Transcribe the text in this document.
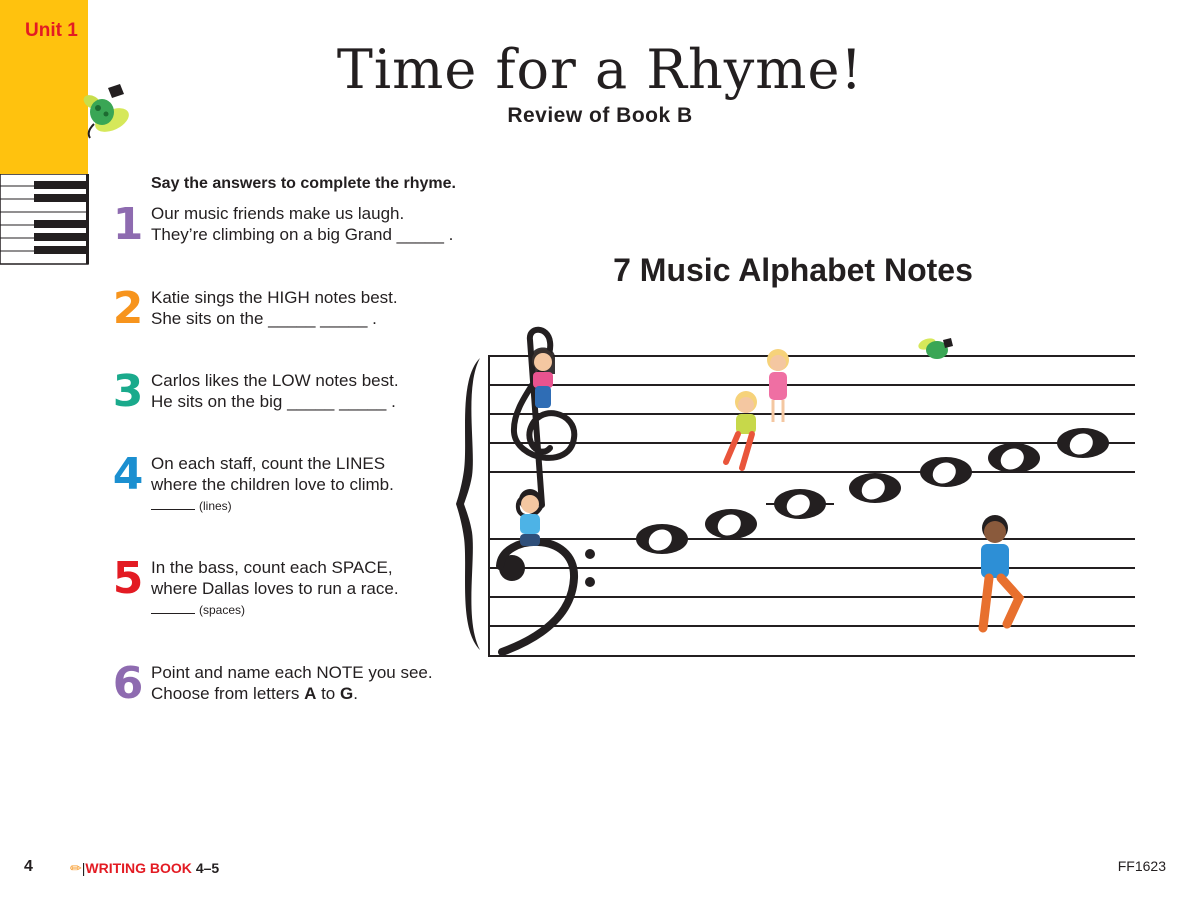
Unit 1
Time for a Rhyme!
Review of Book B
Say the answers to complete the rhyme.
1 Our music friends make us laugh.
They’re climbing on a big Grand _____ .
2 Katie sings the HIGH notes best.
She sits on the _____ _____ .
3 Carlos likes the LOW notes best.
He sits on the big _____ _____ .
4 On each staff, count the LINES
where the children love to climb.
(lines)
5 In the bass, count each SPACE,
where Dallas loves to run a race.
(spaces)
6 Point and name each NOTE you see.
Choose from letters A to G.
7 Music Alphabet Notes
4	✏|WRITING BOOK 4–5	FF1623
